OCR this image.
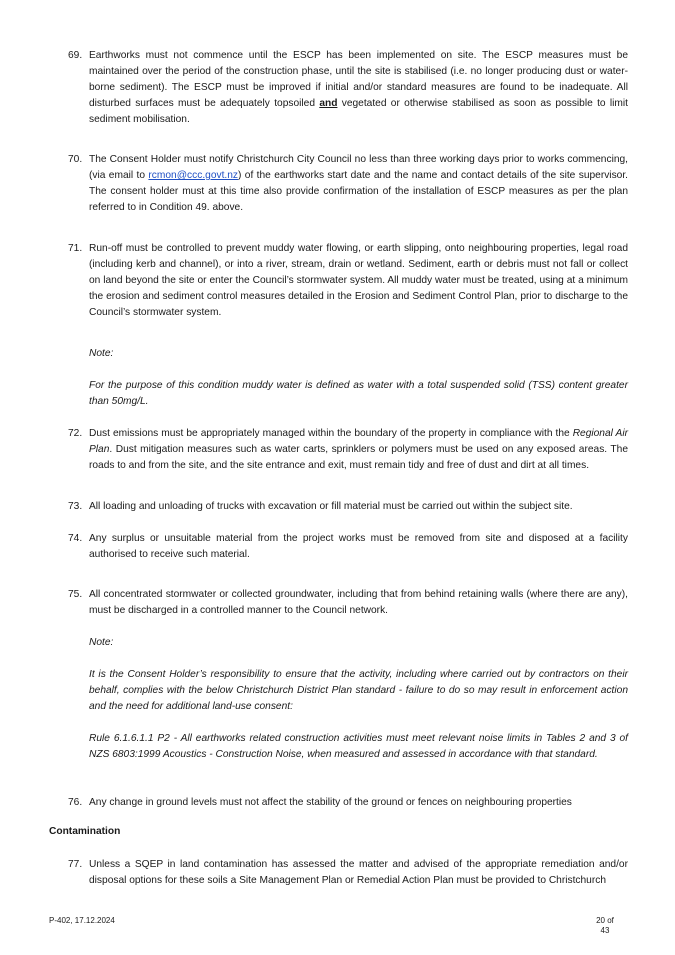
69. Earthworks must not commence until the ESCP has been implemented on site. The ESCP measures must be maintained over the period of the construction phase, until the site is stabilised (i.e. no longer producing dust or water-borne sediment). The ESCP must be improved if initial and/or standard measures are found to be inadequate. All disturbed surfaces must be adequately topsoiled and vegetated or otherwise stabilised as soon as possible to limit sediment mobilisation.
70. The Consent Holder must notify Christchurch City Council no less than three working days prior to works commencing, (via email to rcmon@ccc.govt.nz) of the earthworks start date and the name and contact details of the site supervisor. The consent holder must at this time also provide confirmation of the installation of ESCP measures as per the plan referred to in Condition 49. above.
71. Run-off must be controlled to prevent muddy water flowing, or earth slipping, onto neighbouring properties, legal road (including kerb and channel), or into a river, stream, drain or wetland. Sediment, earth or debris must not fall or collect on land beyond the site or enter the Council’s stormwater system. All muddy water must be treated, using at a minimum the erosion and sediment control measures detailed in the Erosion and Sediment Control Plan, prior to discharge to the Council’s stormwater system.
Note:
For the purpose of this condition muddy water is defined as water with a total suspended solid (TSS) content greater than 50mg/L.
72. Dust emissions must be appropriately managed within the boundary of the property in compliance with the Regional Air Plan. Dust mitigation measures such as water carts, sprinklers or polymers must be used on any exposed areas. The roads to and from the site, and the site entrance and exit, must remain tidy and free of dust and dirt at all times.
73. All loading and unloading of trucks with excavation or fill material must be carried out within the subject site.
74. Any surplus or unsuitable material from the project works must be removed from site and disposed at a facility authorised to receive such material.
75. All concentrated stormwater or collected groundwater, including that from behind retaining walls (where there are any), must be discharged in a controlled manner to the Council network.
Note:
It is the Consent Holder’s responsibility to ensure that the activity, including where carried out by contractors on their behalf, complies with the below Christchurch District Plan standard - failure to do so may result in enforcement action and the need for additional land-use consent:
Rule 6.1.6.1.1 P2 - All earthworks related construction activities must meet relevant noise limits in Tables 2 and 3 of NZS 6803:1999 Acoustics - Construction Noise, when measured and assessed in accordance with that standard.
76. Any change in ground levels must not affect the stability of the ground or fences on neighbouring properties
Contamination
77. Unless a SQEP in land contamination has assessed the matter and advised of the appropriate remediation and/or disposal options for these soils a Site Management Plan or Remedial Action Plan must be provided to Christchurch
P-402, 17.12.2024	20 of
43
